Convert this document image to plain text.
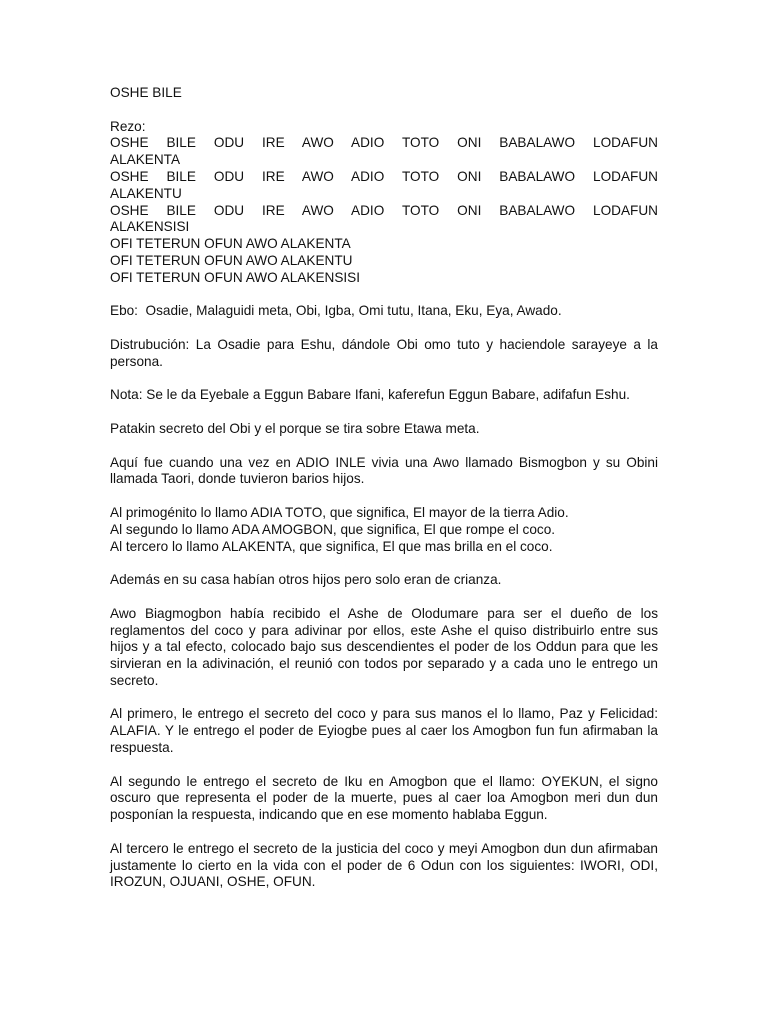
OSHE BILE
Rezo:
OSHE BILE ODU IRE AWO ADIO TOTO ONI BABALAWO LODAFUN
ALAKENTA
OSHE BILE ODU IRE AWO ADIO TOTO ONI BABALAWO LODAFUN
ALAKENTU
OSHE BILE ODU IRE AWO ADIO TOTO ONI BABALAWO LODAFUN
ALAKENSISI
OFI TETERUN OFUN AWO ALAKENTA
OFI TETERUN OFUN AWO ALAKENTU
OFI TETERUN OFUN AWO ALAKENSISI
Ebo:  Osadie, Malaguidi meta, Obi, Igba, Omi tutu, Itana, Eku, Eya, Awado.
Distrubución: La Osadie para Eshu, dándole Obi omo tuto y haciendole sarayeye a la persona.
Nota: Se le da Eyebale a Eggun Babare Ifani, kaferefun Eggun Babare, adifafun Eshu.
Patakin secreto del Obi y el porque se tira sobre Etawa meta.
Aquí fue cuando una vez en ADIO INLE vivia una Awo llamado Bismogbon y su Obini llamada Taori, donde tuvieron barios hijos.
Al primogénito lo llamo ADIA TOTO, que significa, El mayor de la tierra Adio.
Al segundo lo llamo ADA AMOGBON, que significa, El que rompe el coco.
Al tercero lo llamo ALAKENTA, que significa, El que mas brilla en el coco.
Además en su casa habían otros hijos pero solo eran de crianza.
Awo Biagmogbon había recibido el Ashe de Olodumare para ser el dueño de los reglamentos del coco y para adivinar por ellos, este Ashe el quiso distribuirlo entre sus hijos y a tal efecto, colocado bajo sus descendientes el poder de los Oddun para que les sirvieran en la adivinación, el reunió con todos por separado y a cada uno le entrego un secreto.
Al primero, le entrego el secreto del coco y para sus manos el lo llamo, Paz y Felicidad: ALAFIA. Y le entrego el poder de Eyiogbe pues al caer los Amogbon fun fun afirmaban la respuesta.
Al segundo le entrego el secreto de Iku en Amogbon que el llamo: OYEKUN, el signo oscuro que representa el poder de la muerte, pues al caer loa Amogbon meri dun dun posponían la respuesta, indicando que en ese momento hablaba Eggun.
Al tercero le entrego el secreto de la justicia del coco y meyi Amogbon dun dun afirmaban justamente lo cierto en la vida con el poder de 6 Odun con los siguientes: IWORI, ODI, IROZUN, OJUANI, OSHE, OFUN.
